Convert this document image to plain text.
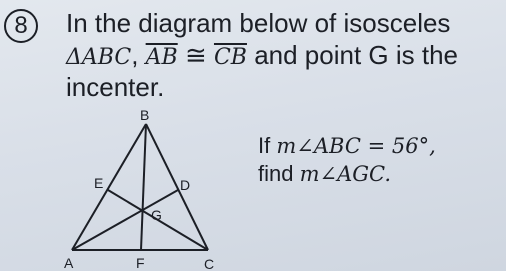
8 In the diagram below of isosceles
ΔABC, $\overline{AB}$ ≅ $\overline{CB}$ and point G is the
incenter.
B
E	D
G
A	F	C
If m∠ABC = 56°,
find m∠AGC.
